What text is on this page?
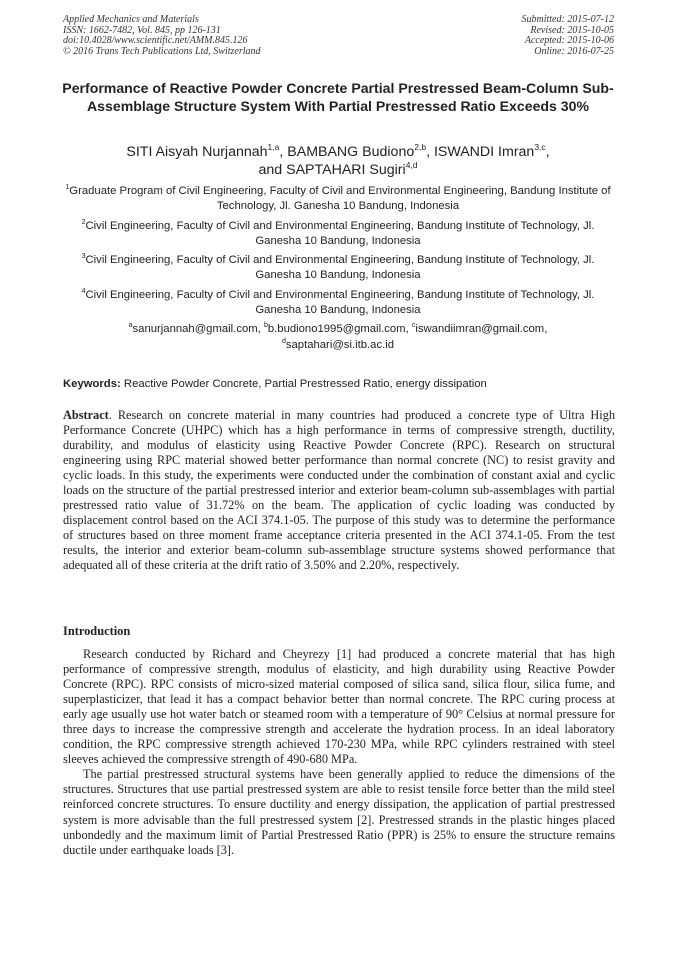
Applied Mechanics and Materials
ISSN: 1662-7482, Vol. 845, pp 126-131
doi:10.4028/www.scientific.net/AMM.845.126
© 2016 Trans Tech Publications Ltd, Switzerland
Submitted: 2015-07-12
Revised: 2015-10-05
Accepted: 2015-10-06
Online: 2016-07-25
Performance of Reactive Powder Concrete Partial Prestressed Beam-Column Sub-Assemblage Structure System With Partial Prestressed Ratio Exceeds 30%
SITI Aisyah Nurjannah$^{1,a}$, BAMBANG Budiono$^{2,b}$, ISWANDI Imran$^{3,c}$,
and SAPTAHARI Sugiri$^{4,d}$
$^1$Graduate Program of Civil Engineering, Faculty of Civil and Environmental Engineering, Bandung Institute of Technology, Jl. Ganesha 10 Bandung, Indonesia
$^2$Civil Engineering, Faculty of Civil and Environmental Engineering, Bandung Institute of Technology, Jl. Ganesha 10 Bandung, Indonesia
$^3$Civil Engineering, Faculty of Civil and Environmental Engineering, Bandung Institute of Technology, Jl. Ganesha 10 Bandung, Indonesia
$^4$Civil Engineering, Faculty of Civil and Environmental Engineering, Bandung Institute of Technology, Jl. Ganesha 10 Bandung, Indonesia
$^a$sanurjannah@gmail.com, $^b$b.budiono1995@gmail.com, $^c$iswandiimran@gmail.com,
$^d$saptahari@si.itb.ac.id
Keywords: Reactive Powder Concrete, Partial Prestressed Ratio, energy dissipation
Abstract. Research on concrete material in many countries had produced a concrete type of Ultra High Performance Concrete (UHPC) which has a high performance in terms of compressive strength, ductility, durability, and modulus of elasticity using Reactive Powder Concrete (RPC). Research on structural engineering using RPC material showed better performance than normal concrete (NC) to resist gravity and cyclic loads. In this study, the experiments were conducted under the combination of constant axial and cyclic loads on the structure of the partial prestressed interior and exterior beam-column sub-assemblages with partial prestressed ratio value of 31.72% on the beam. The application of cyclic loading was conducted by displacement control based on the ACI 374.1-05. The purpose of this study was to determine the performance of structures based on three moment frame acceptance criteria presented in the ACI 374.1-05. From the test results, the interior and exterior beam-column sub-assemblage structure systems showed performance that adequated all of these criteria at the drift ratio of 3.50% and 2.20%, respectively.
Introduction

Research conducted by Richard and Cheyrezy [1] had produced a concrete material that has high performance of compressive strength, modulus of elasticity, and high durability using Reactive Powder Concrete (RPC). RPC consists of micro-sized material composed of silica sand, silica flour, silica fume, and superplasticizer, that lead it has a compact behavior better than normal concrete. The RPC curing process at early age usually use hot water batch or steamed room with a temperature of 90° Celsius at normal pressure for three days to increase the compressive strength and accelerate the hydration process. In an ideal laboratory condition, the RPC compressive strength achieved 170-230 MPa, while RPC cylinders restrained with steel sleeves achieved the compressive strength of 490-680 MPa.

The partial prestressed structural systems have been generally applied to reduce the dimensions of the structures. Structures that use partial prestressed system are able to resist tensile force better than the mild steel reinforced concrete structures. To ensure ductility and energy dissipation, the application of partial prestressed system is more advisable than the full prestressed system [2]. Prestressed strands in the plastic hinges placed unbondedly and the maximum limit of Partial Prestressed Ratio (PPR) is 25% to ensure the structure remains ductile under earthquake loads [3].
